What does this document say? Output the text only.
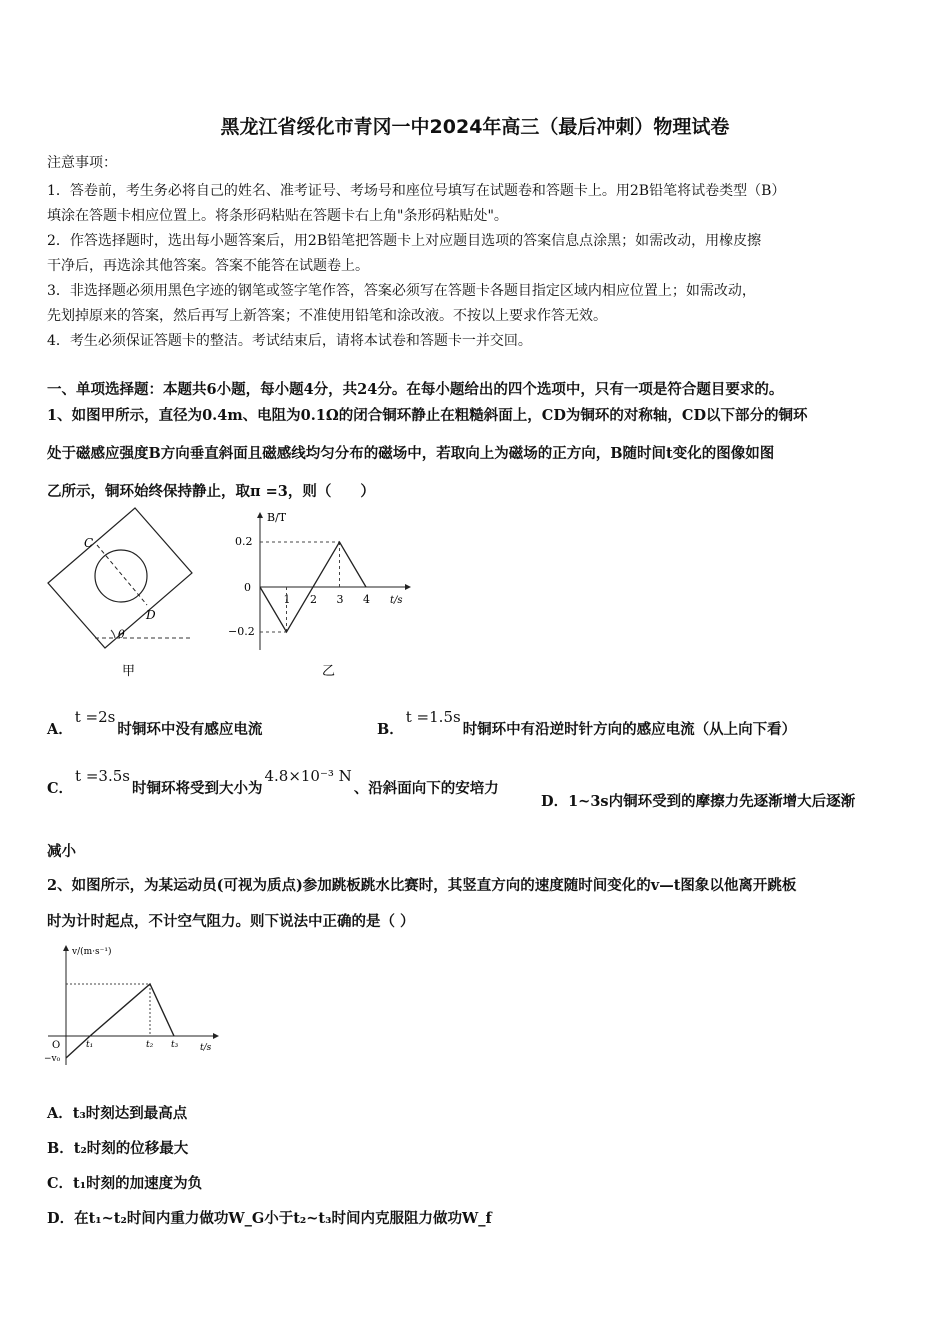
黑龙江省绥化市青冈一中2024年高三（最后冲刺）物理试卷
注意事项：
1．答卷前，考生务必将自己的姓名、准考证号、考场号和座位号填写在试题卷和答题卡上。用2B铅笔将试卷类型（B）
填涂在答题卡相应位置上。将条形码粘贴在答题卡右上角"条形码粘贴处"。
2．作答选择题时，选出每小题答案后，用2B铅笔把答题卡上对应题目选项的答案信息点涂黑；如需改动，用橡皮擦
干净后，再选涂其他答案。答案不能答在试题卷上。
3．非选择题必须用黑色字迹的钢笔或签字笔作答，答案必须写在答题卡各题目指定区域内相应位置上；如需改动，
先划掉原来的答案，然后再写上新答案；不准使用铅笔和涂改液。不按以上要求作答无效。
4．考生必须保证答题卡的整洁。考试结束后，请将本试卷和答题卡一并交回。
一、单项选择题：本题共6小题，每小题4分，共24分。在每小题给出的四个选项中，只有一项是符合题目要求的。
1、如图甲所示，直径为0.4m、电阻为0.1Ω的闭合铜环静止在粗糙斜面上，CD为铜环的对称轴，CD以下部分的铜环
处于磁感应强度B方向垂直斜面且磁感线均匀分布的磁场中，若取向上为磁场的正方向，B随时间t变化的图像如图
乙所示，铜环始终保持静止，取π =3，则（　　）
C
D
θ
甲
B/T
t/s
0.2
0
−0.2
1 2 3 4
乙
A．t =2s时铜环中没有感应电流	B．t =1.5s时铜环中有沿逆时针方向的感应电流（从上向下看）
C．t =3.5s时铜环将受到大小为4.8×10⁻³ N、沿斜面向下的安培力
D．1~3s内铜环受到的摩擦力先逐渐增大后逐渐
减小
2、如图所示，为某运动员(可视为质点)参加跳板跳水比赛时，其竖直方向的速度随时间变化的v—t图象以他离开跳板
时为计时起点，不计空气阻力。则下说法中正确的是（ ）
v/(m·s⁻¹)
t/s
O
−v₀
t₁	t₂ t₃
A．t₃时刻达到最高点
B．t₂时刻的位移最大
C．t₁时刻的加速度为负
D．在t₁~t₂时间内重力做功W_G小于t₂~t₃时间内克服阻力做功W_f
